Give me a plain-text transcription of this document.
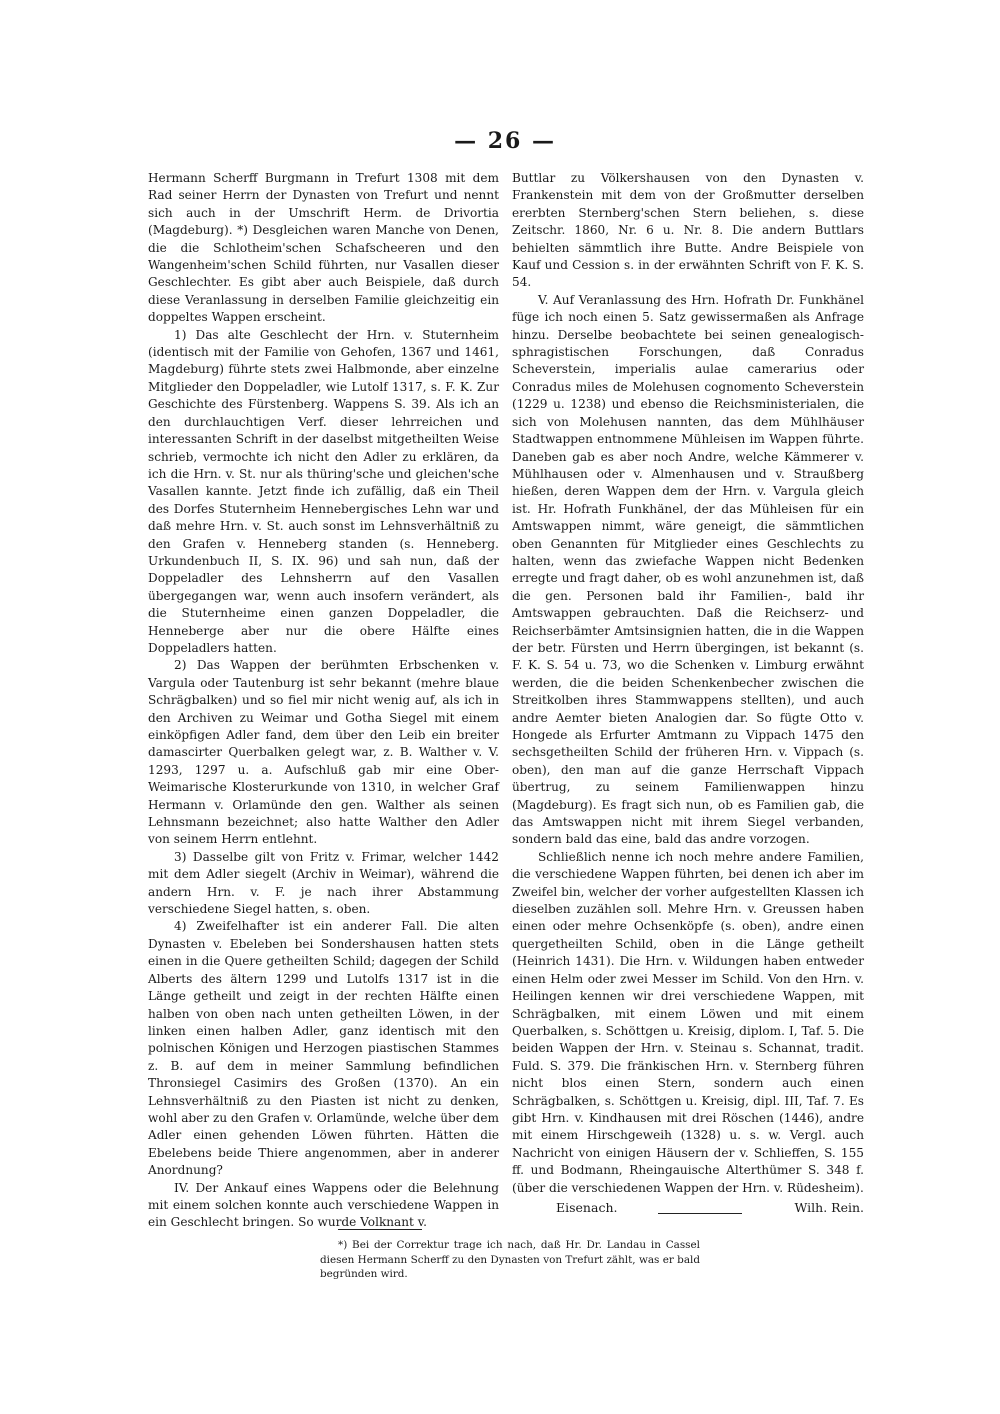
— 26 —

Hermann Scherff Burgmann in Trefurt 1308 mit dem Rad seiner Herrn der Dynasten von Trefurt und nennt sich auch in der Umschrift Herm. de Drivortia (Magdeburg). *) Desgleichen waren Manche von Denen, die die Schlotheim'schen Schafscheeren und den Wangenheim'schen Schild führten, nur Vasallen dieser Geschlechter. Es gibt aber auch Beispiele, daß durch diese Veranlassung in derselben Familie gleichzeitig ein doppeltes Wappen erscheint.

1) Das alte Geschlecht der Hrn. v. Stuternheim (identisch mit der Familie von Gehofen, 1367 und 1461, Magdeburg) führte stets zwei Halbmonde, aber einzelne Mitglieder den Doppeladler, wie Lutolf 1317, s. F. K. Zur Geschichte des Fürstenberg. Wappens S. 39. Als ich an den durchlauchtigen Verf. dieser lehrreichen und interessanten Schrift in der daselbst mitgetheilten Weise schrieb, vermochte ich nicht den Adler zu erklären, da ich die Hrn. v. St. nur als thüring'sche und gleichen'sche Vasallen kannte. Jetzt finde ich zufällig, daß ein Theil des Dorfes Stuternheim Hennebergisches Lehn war und daß mehre Hrn. v. St. auch sonst im Lehnsverhältniß zu den Grafen v. Henneberg standen (s. Henneberg. Urkundenbuch II, S. IX. 96) und sah nun, daß der Doppeladler des Lehnsherrn auf den Vasallen übergegangen war, wenn auch insofern verändert, als die Stuternheime einen ganzen Doppeladler, die Henneberge aber nur die obere Hälfte eines Doppeladlers hatten.

2) Das Wappen der berühmten Erbschenken v. Vargula oder Tautenburg ist sehr bekannt (mehre blaue Schrägbalken) und so fiel mir nicht wenig auf, als ich in den Archiven zu Weimar und Gotha Siegel mit einem einköpfigen Adler fand, dem über den Leib ein breiter damascirter Querbalken gelegt war, z. B. Walther v. V. 1293, 1297 u. a. Aufschluß gab mir eine Ober-Weimarische Klosterurkunde von 1310, in welcher Graf Hermann v. Orlamünde den gen. Walther als seinen Lehnsmann bezeichnet; also hatte Walther den Adler von seinem Herrn entlehnt.

3) Dasselbe gilt von Fritz v. Frimar, welcher 1442 mit dem Adler siegelt (Archiv in Weimar), während die andern Hrn. v. F. je nach ihrer Abstammung verschiedene Siegel hatten, s. oben.

4) Zweifelhafter ist ein anderer Fall. Die alten Dynasten v. Ebeleben bei Sondershausen hatten stets einen in die Quere getheilten Schild; dagegen der Schild Alberts des ältern 1299 und Lutolfs 1317 ist in die Länge getheilt und zeigt in der rechten Hälfte einen halben von oben nach unten getheilten Löwen, in der linken einen halben Adler, ganz identisch mit den polnischen Königen und Herzogen piastischen Stammes z. B. auf dem in meiner Sammlung befindlichen Thronsiegel Casimirs des Großen (1370). An ein Lehnsverhältniß zu den Piasten ist nicht zu denken, wohl aber zu den Grafen v. Orlamünde, welche über dem Adler einen gehenden Löwen führten. Hätten die Ebelebens beide Thiere angenommen, aber in anderer Anordnung?

IV. Der Ankauf eines Wappens oder die Belehnung mit einem solchen konnte auch verschiedene Wappen in ein Geschlecht bringen. So wurde Volknant v.

Buttlar zu Völkershausen von den Dynasten v. Frankenstein mit dem von der Großmutter derselben ererbten Sternberg'schen Stern beliehen, s. diese Zeitschr. 1860, Nr. 6 u. Nr. 8. Die andern Buttlars behielten sämmtlich ihre Butte. Andre Beispiele von Kauf und Cession s. in der erwähnten Schrift von F. K. S. 54.

V. Auf Veranlassung des Hrn. Hofrath Dr. Funkhänel füge ich noch einen 5. Satz gewissermaßen als Anfrage hinzu. Derselbe beobachtete bei seinen genealogisch-sphragistischen Forschungen, daß Conradus Scheverstein, imperialis aulae camerarius oder Conradus miles de Molehusen cognomento Scheverstein (1229 u. 1238) und ebenso die Reichsministerialen, die sich von Molehusen nannten, das dem Mühlhäuser Stadtwappen entnommene Mühleisen im Wappen führte. Daneben gab es aber noch Andre, welche Kämmerer v. Mühlhausen oder v. Almenhausen und v. Straußberg hießen, deren Wappen dem der Hrn. v. Vargula gleich ist. Hr. Hofrath Funkhänel, der das Mühleisen für ein Amtswappen nimmt, wäre geneigt, die sämmtlichen oben Genannten für Mitglieder eines Geschlechts zu halten, wenn das zwiefache Wappen nicht Bedenken erregte und fragt daher, ob es wohl anzunehmen ist, daß die gen. Personen bald ihr Familien-, bald ihr Amtswappen gebrauchten. Daß die Reichserz- und Reichserbämter Amtsinsignien hatten, die in die Wappen der betr. Fürsten und Herrn übergingen, ist bekannt (s. F. K. S. 54 u. 73, wo die Schenken v. Limburg erwähnt werden, die die beiden Schenkenbecher zwischen die Streitkolben ihres Stammwappens stellten), und auch andre Aemter bieten Analogien dar. So fügte Otto v. Hongede als Erfurter Amtmann zu Vippach 1475 den sechsgetheilten Schild der früheren Hrn. v. Vippach (s. oben), den man auf die ganze Herrschaft Vippach übertrug, zu seinem Familienwappen hinzu (Magdeburg). Es fragt sich nun, ob es Familien gab, die das Amtswappen nicht mit ihrem Siegel verbanden, sondern bald das eine, bald das andre vorzogen.

Schließlich nenne ich noch mehre andere Familien, die verschiedene Wappen führten, bei denen ich aber im Zweifel bin, welcher der vorher aufgestellten Klassen ich dieselben zuzählen soll. Mehre Hrn. v. Greussen haben einen oder mehre Ochsenköpfe (s. oben), andre einen quergetheilten Schild, oben in die Länge getheilt (Heinrich 1431). Die Hrn. v. Wildungen haben entweder einen Helm oder zwei Messer im Schild. Von den Hrn. v. Heilingen kennen wir drei verschiedene Wappen, mit Schrägbalken, mit einem Löwen und mit einem Querbalken, s. Schöttgen u. Kreisig, diplom. I, Taf. 5. Die beiden Wappen der Hrn. v. Steinau s. Schannat, tradit. Fuld. S. 379. Die fränkischen Hrn. v. Sternberg führen nicht blos einen Stern, sondern auch einen Schrägbalken, s. Schöttgen u. Kreisig, dipl. III, Taf. 7. Es gibt Hrn. v. Kindhausen mit drei Röschen (1446), andre mit einem Hirschgeweih (1328) u. s. w. Vergl. auch Nachricht von einigen Häusern der v. Schlieffen, S. 155 ff. und Bodmann, Rheingauische Alterthümer S. 348 f. (über die verschiedenen Wappen der Hrn. v. Rüdesheim).

Eisenach.	Wilh. Rein.

*) Bei der Correktur trage ich nach, daß Hr. Dr. Landau in Cassel diesen Hermann Scherff zu den Dynasten von Trefurt zählt, was er bald begründen wird.
